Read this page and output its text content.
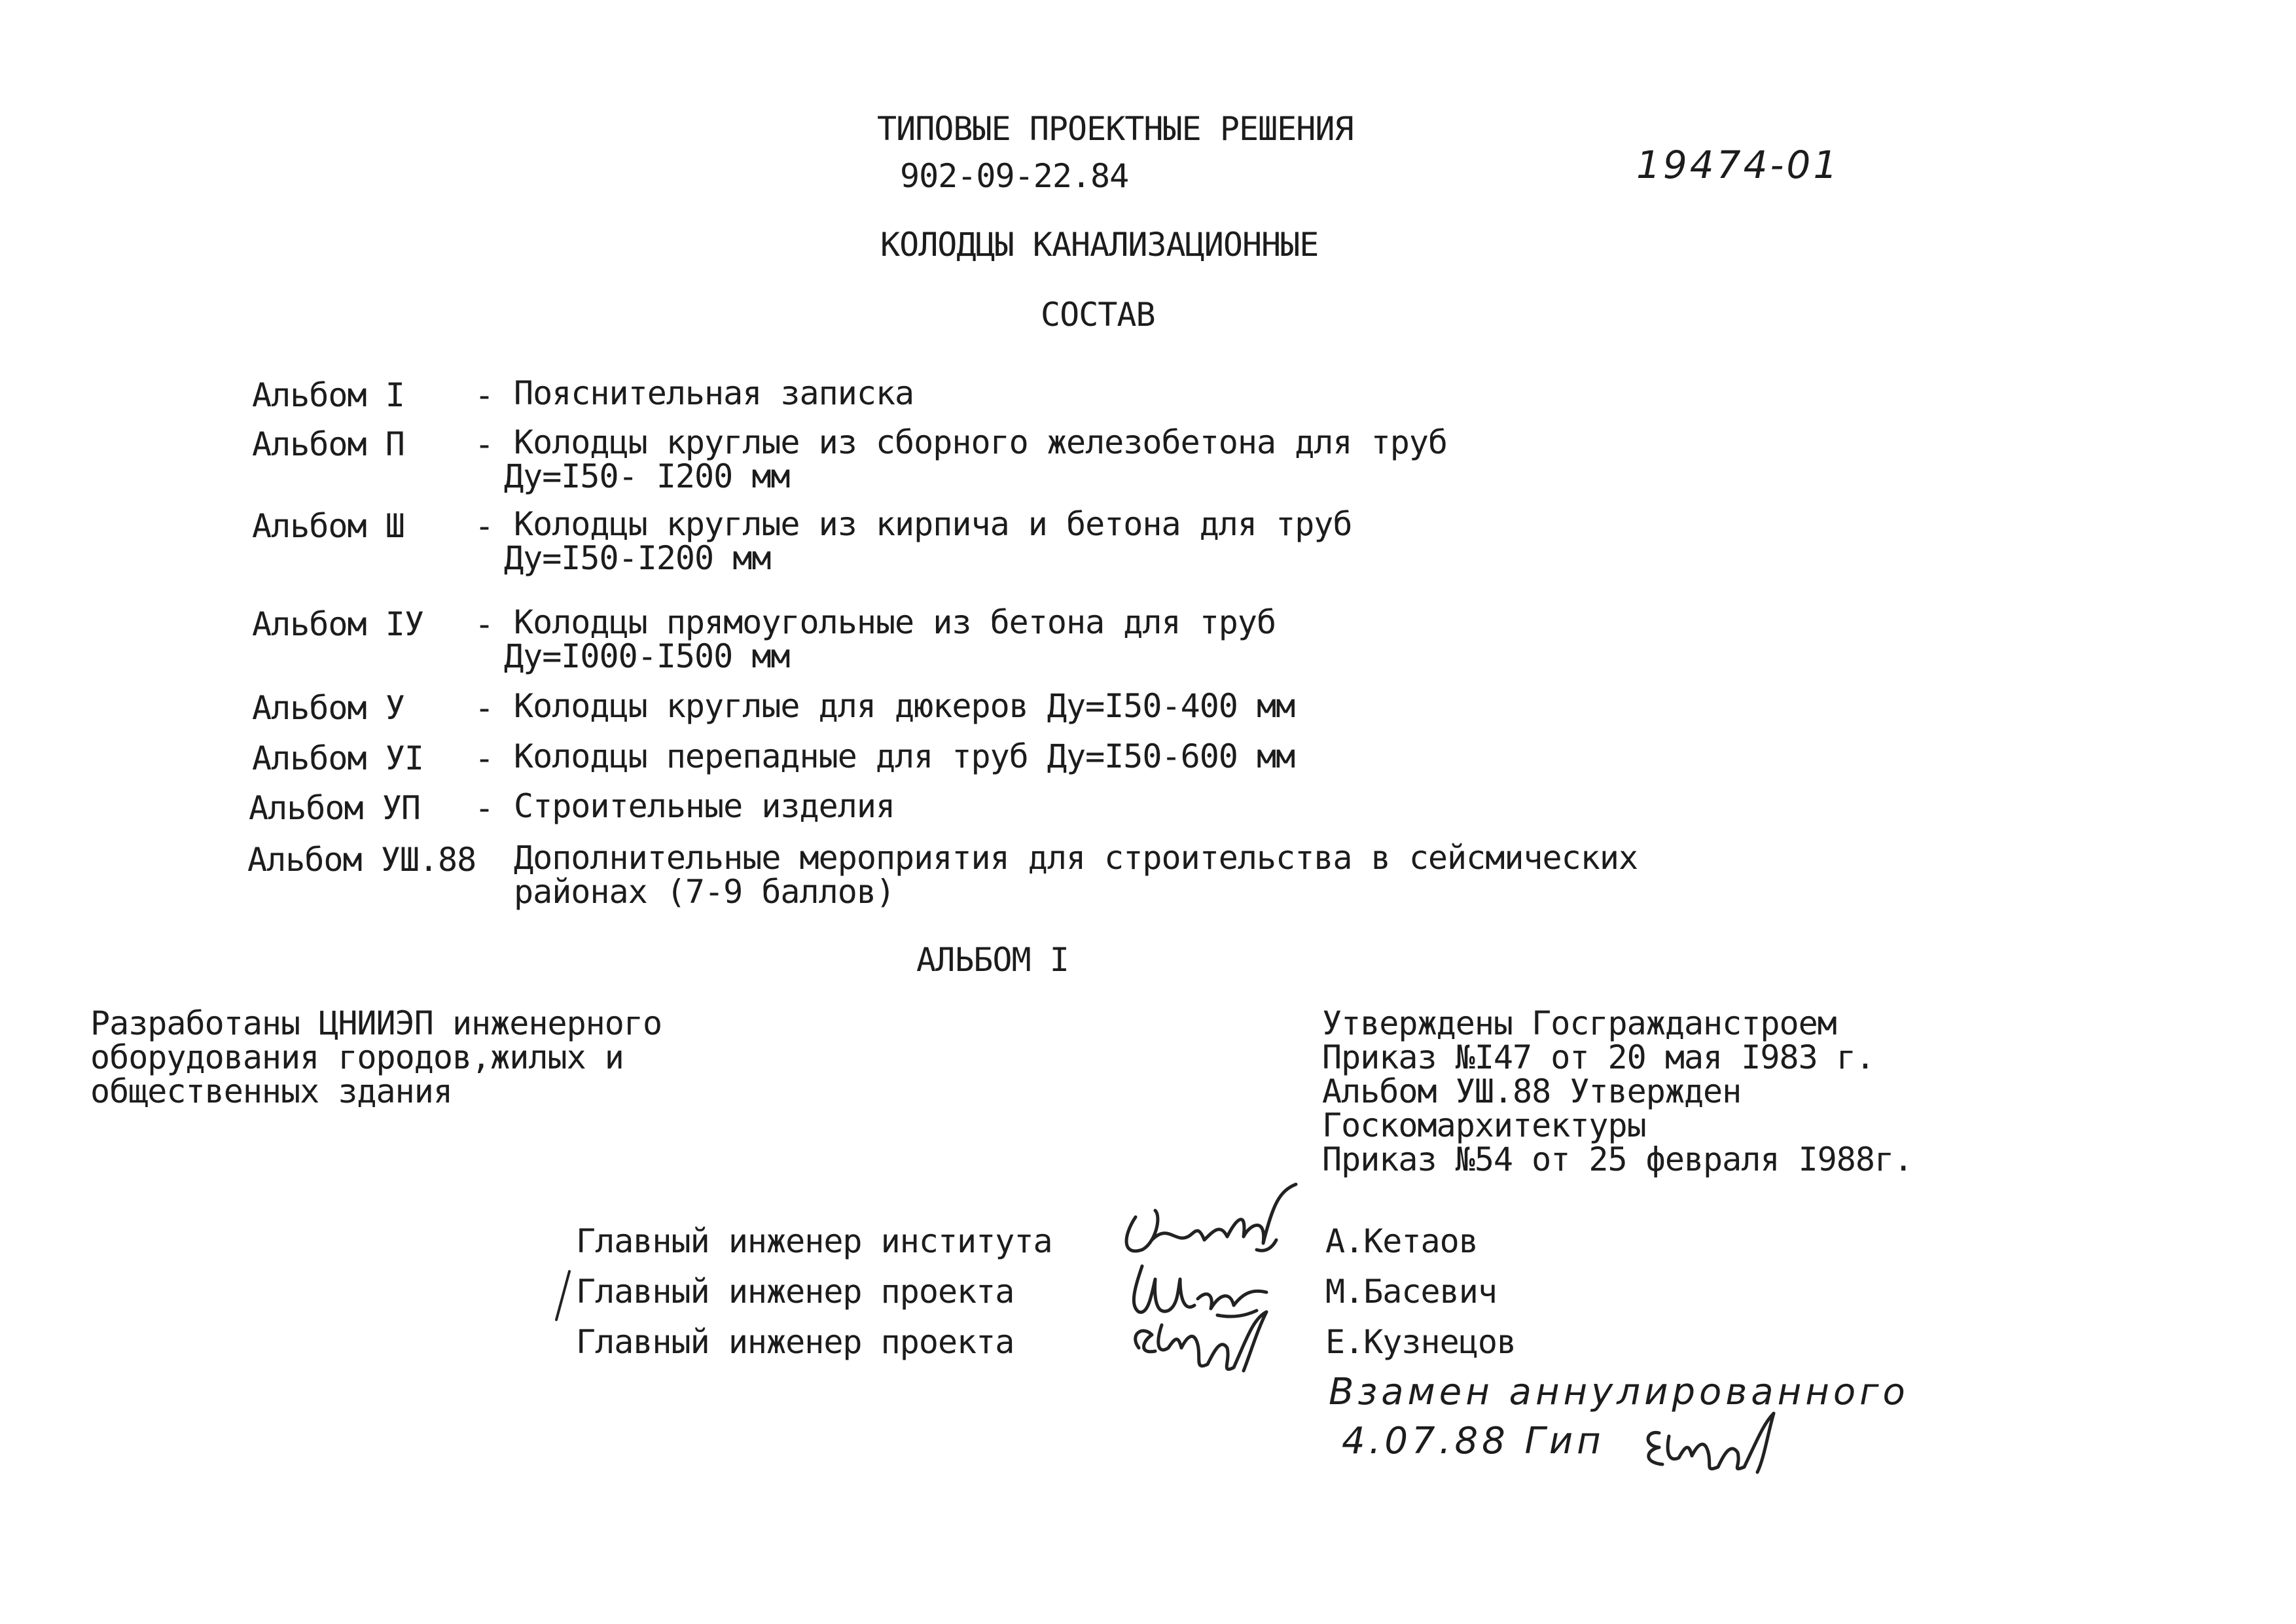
ТИПОВЫЕ ПРОЕКТНЫЕ РЕШЕНИЯ
902-09-22.84	19474-01
КОЛОДЦЫ КАНАЛИЗАЦИОННЫЕ
СОСТАВ
Альбом I - Пояснительная записка
Альбом П - Колодцы круглые из сборного железобетона для труб
Ду=I50- I200 мм
Альбом Ш - Колодцы круглые из кирпича и бетона для труб
Ду=I50-I200 мм
Альбом IУ - Колодцы прямоугольные из бетона для труб
Ду=I000-I500 мм
Альбом У - Колодцы круглые для дюкеров Ду=I50-400 мм
Альбом УI - Колодцы перепадные для труб Ду=I50-600 мм
Альбом УП - Строительные изделия
Альбом УШ.88 Дополнительные мероприятия для строительства в сейсмических
районах (7-9 баллов)
АЛЬБОМ I
Разработаны ЦНИИЭП инженерного
оборудования городов,жилых и
общественных здания
Утверждены Госгражданстроем
Приказ №I47 от 20 мая I983 г.
Альбом УШ.88 Утвержден
Госкомархитектуры
Приказ №54 от 25 февраля I988г.
Главный инженер института	А.Кетаов
Главный инженер проекта	М.Басевич
Главный инженер проекта	Е.Кузнецов
Взамен аннулированного
4.07.88 Гип
